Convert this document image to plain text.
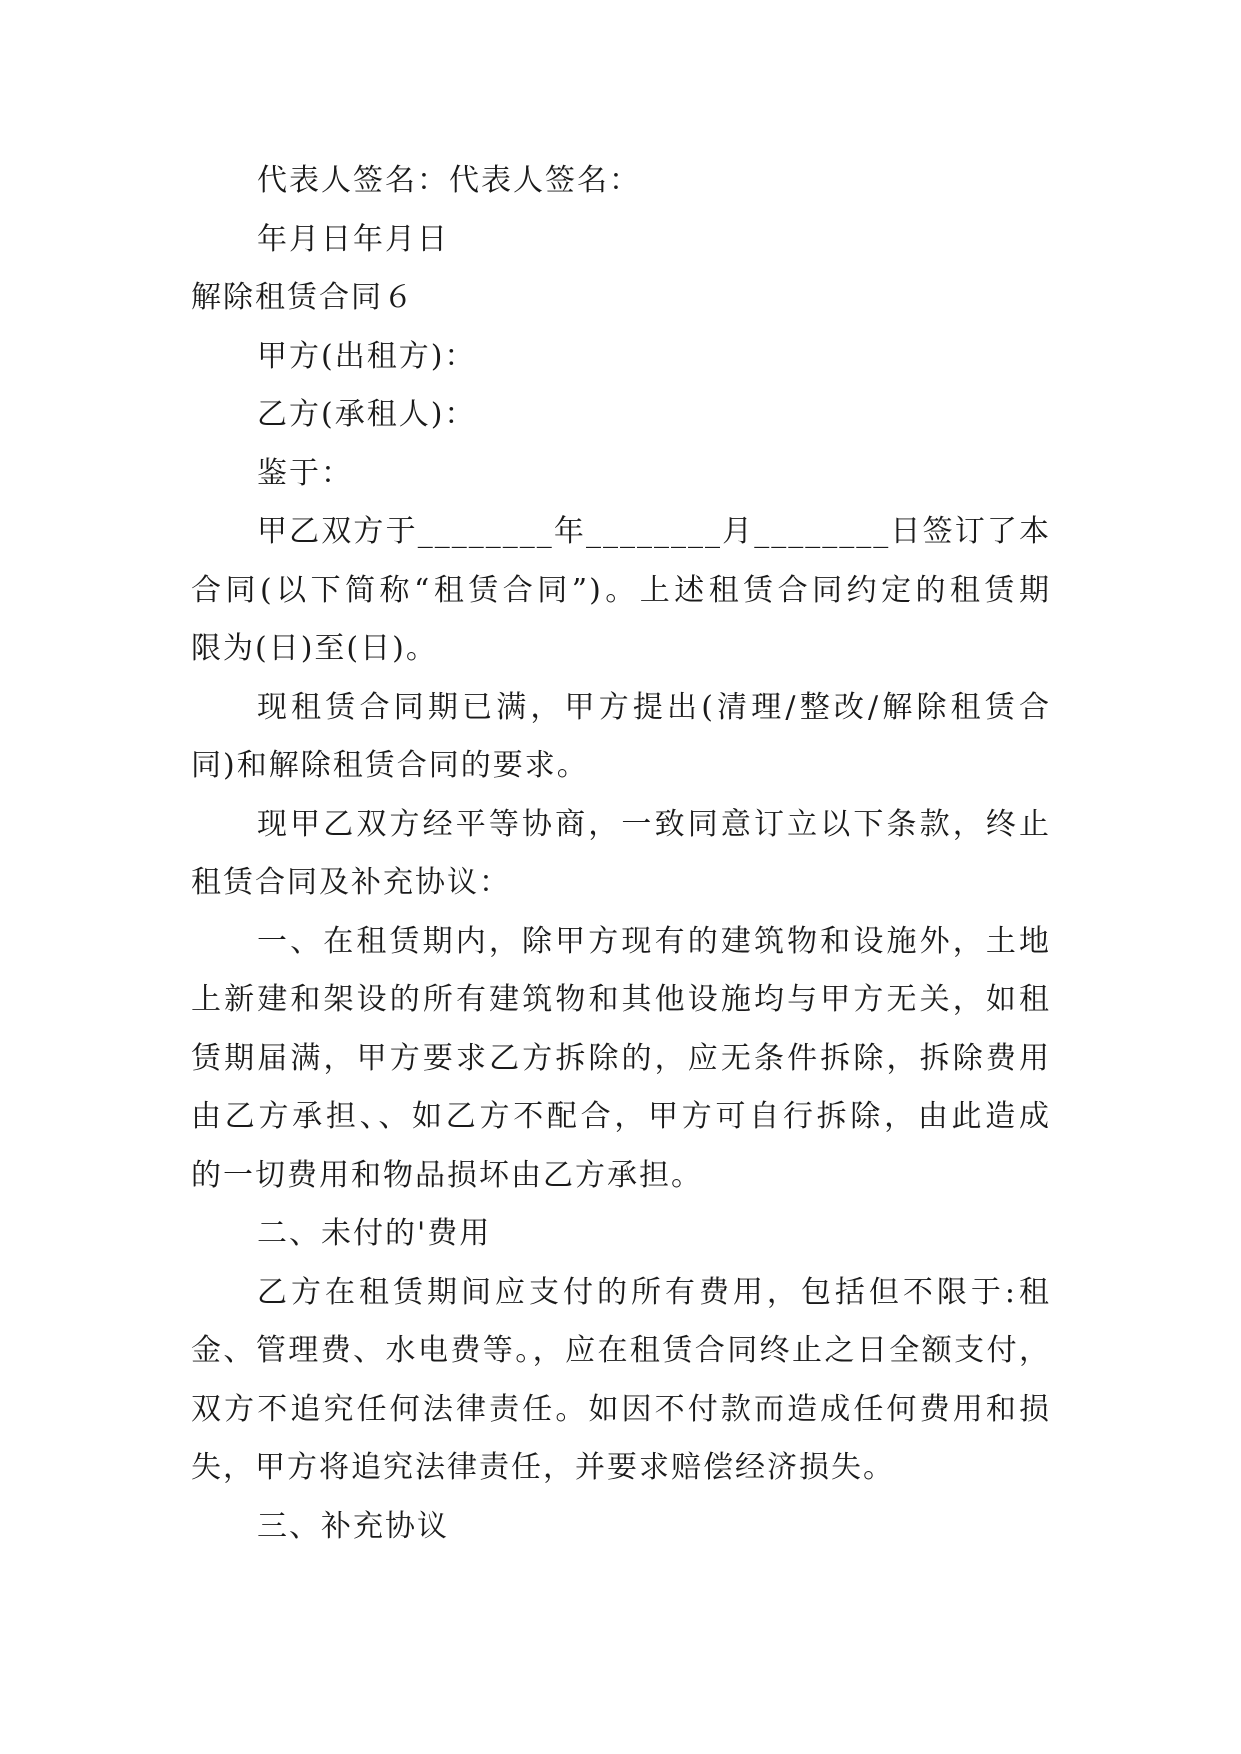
代表人签名：代表人签名：
年月日年月日
解除租赁合同６
甲方(出租方)：
乙方(承租人)：
鉴于：
甲乙双方于________年________月________日签订了本
合同(以下简称“租赁合同”)。上述租赁合同约定的租赁期
限为(日)至(日)。
现租赁合同期已满，甲方提出(清理/整改/解除租赁合
同)和解除租赁合同的要求。
现甲乙双方经平等协商，一致同意订立以下条款，终止
租赁合同及补充协议：
一、在租赁期内，除甲方现有的建筑物和设施外，土地
上新建和架设的所有建筑物和其他设施均与甲方无关，如租
赁期届满，甲方要求乙方拆除的，应无条件拆除，拆除费用
由乙方承担、、如乙方不配合，甲方可自行拆除，由此造成
的一切费用和物品损坏由乙方承担。
二、未付的'费用
乙方在租赁期间应支付的所有费用，包括但不限于:租
金、管理费、水电费等。，应在租赁合同终止之日全额支付，
双方不追究任何法律责任。如因不付款而造成任何费用和损
失，甲方将追究法律责任，并要求赔偿经济损失。
三、补充协议
